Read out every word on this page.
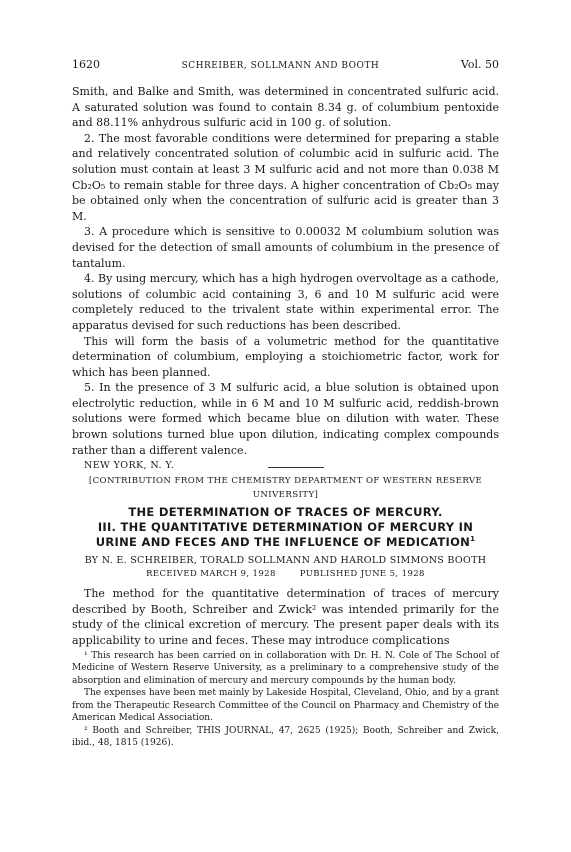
1620	SCHREIBER, SOLLMANN AND BOOTH	Vol. 50

Smith, and Balke and Smith, was determined in concentrated sulfuric acid. A saturated solution was found to contain 8.34 g. of columbium pentoxide and 88.11% anhydrous sulfuric acid in 100 g. of solution.

2. The most favorable conditions were determined for preparing a stable and relatively concentrated solution of columbic acid in sulfuric acid. The solution must contain at least 3 M sulfuric acid and not more than 0.038 M Cb₂O₅ to remain stable for three days. A higher concentration of Cb₂O₅ may be obtained only when the concentration of sulfuric acid is greater than 3 M.

3. A procedure which is sensitive to 0.00032 M columbium solution was devised for the detection of small amounts of columbium in the presence of tantalum.

4. By using mercury, which has a high hydrogen overvoltage as a cathode, solutions of columbic acid containing 3, 6 and 10 M sulfuric acid were completely reduced to the trivalent state within experimental error. The apparatus devised for such reductions has been described.

This will form the basis of a volumetric method for the quantitative determination of columbium, employing a stoichiometric factor, work for which has been planned.

5. In the presence of 3 M sulfuric acid, a blue solution is obtained upon electrolytic reduction, while in 6 M and 10 M sulfuric acid, reddish-brown solutions were formed which became blue on dilution with water. These brown solutions turned blue upon dilution, indicating complex compounds rather than a different valence.

NEW YORK, N. Y.

[CONTRIBUTION FROM THE CHEMISTRY DEPARTMENT OF WESTERN RESERVE UNIVERSITY]
THE DETERMINATION OF TRACES OF MERCURY.
III. THE QUANTITATIVE DETERMINATION OF MERCURY IN
URINE AND FECES AND THE INFLUENCE OF MEDICATION$^1$
BY N. E. SCHREIBER, TORALD SOLLMANN AND HAROLD SIMMONS BOOTH
RECEIVED MARCH 9, 1928	PUBLISHED JUNE 5, 1928

The method for the quantitative determination of traces of mercury described by Booth, Schreiber and Zwick² was intended primarily for the study of the clinical excretion of mercury. The present paper deals with its applicability to urine and feces. These may introduce complications

¹ This research has been carried on in collaboration with Dr. H. N. Cole of The School of Medicine of Western Reserve University, as a preliminary to a comprehensive study of the absorption and elimination of mercury and mercury compounds by the human body.

The expenses have been met mainly by Lakeside Hospital, Cleveland, Ohio, and by a grant from the Therapeutic Research Committee of the Council on Pharmacy and Chemistry of the American Medical Association.

² Booth and Schreiber, THIS JOURNAL, 47, 2625 (1925); Booth, Schreiber and Zwick, ibid., 48, 1815 (1926).
